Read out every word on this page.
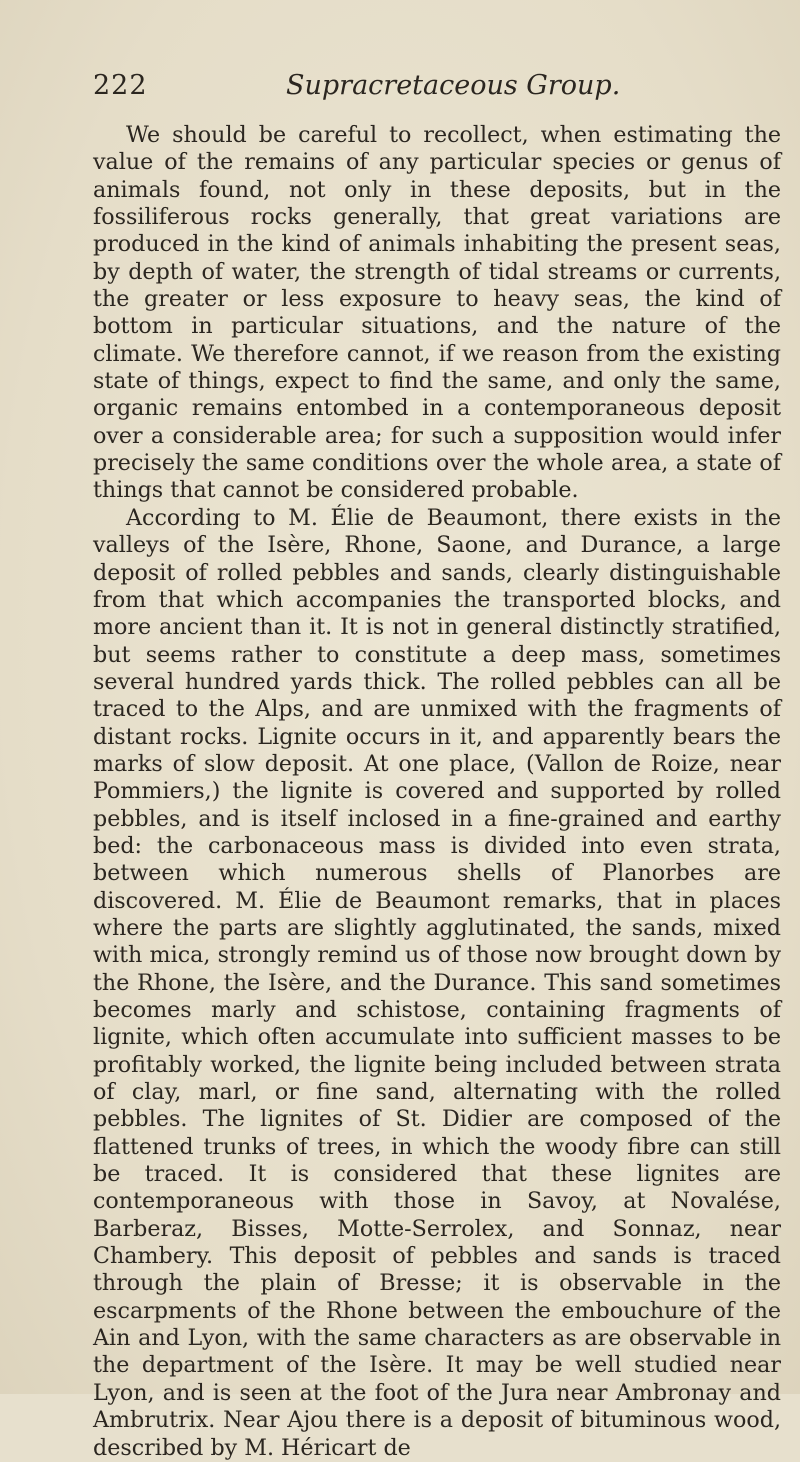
222	Supracretaceous Group.

We should be careful to recollect, when estimating the value of the remains of any particular species or genus of animals found, not only in these deposits, but in the fossiliferous rocks generally, that great variations are produced in the kind of animals inhabiting the present seas, by depth of water, the strength of tidal streams or currents, the greater or less exposure to heavy seas, the kind of bottom in particular situations, and the nature of the climate. We therefore cannot, if we reason from the existing state of things, expect to find the same, and only the same, organic remains entombed in a contemporaneous deposit over a considerable area; for such a supposition would infer precisely the same conditions over the whole area, a state of things that cannot be considered probable.

According to M. Élie de Beaumont, there exists in the valleys of the Isère, Rhone, Saone, and Durance, a large deposit of rolled pebbles and sands, clearly distinguishable from that which accompanies the transported blocks, and more ancient than it. It is not in general distinctly stratified, but seems rather to constitute a deep mass, sometimes several hundred yards thick. The rolled pebbles can all be traced to the Alps, and are unmixed with the fragments of distant rocks. Lignite occurs in it, and apparently bears the marks of slow deposit. At one place, (Vallon de Roize, near Pommiers,) the lignite is covered and supported by rolled pebbles, and is itself inclosed in a fine-grained and earthy bed: the carbonaceous mass is divided into even strata, between which numerous shells of Planorbes are discovered. M. Élie de Beaumont remarks, that in places where the parts are slightly agglutinated, the sands, mixed with mica, strongly remind us of those now brought down by the Rhone, the Isère, and the Durance. This sand sometimes becomes marly and schistose, containing fragments of lignite, which often accumulate into sufficient masses to be profitably worked, the lignite being included between strata of clay, marl, or fine sand, alternating with the rolled pebbles. The lignites of St. Didier are composed of the flattened trunks of trees, in which the woody fibre can still be traced. It is considered that these lignites are contemporaneous with those in Savoy, at Novalése, Barberaz, Bisses, Motte-Serrolex, and Sonnaz, near Chambery. This deposit of pebbles and sands is traced through the plain of Bresse; it is observable in the escarpments of the Rhone between the embouchure of the Ain and Lyon, with the same characters as are observable in the department of the Isère. It may be well studied near Lyon, and is seen at the foot of the Jura near Ambronay and Ambrutrix. Near Ajou there is a deposit of bituminous wood, described by M. Héricart de
